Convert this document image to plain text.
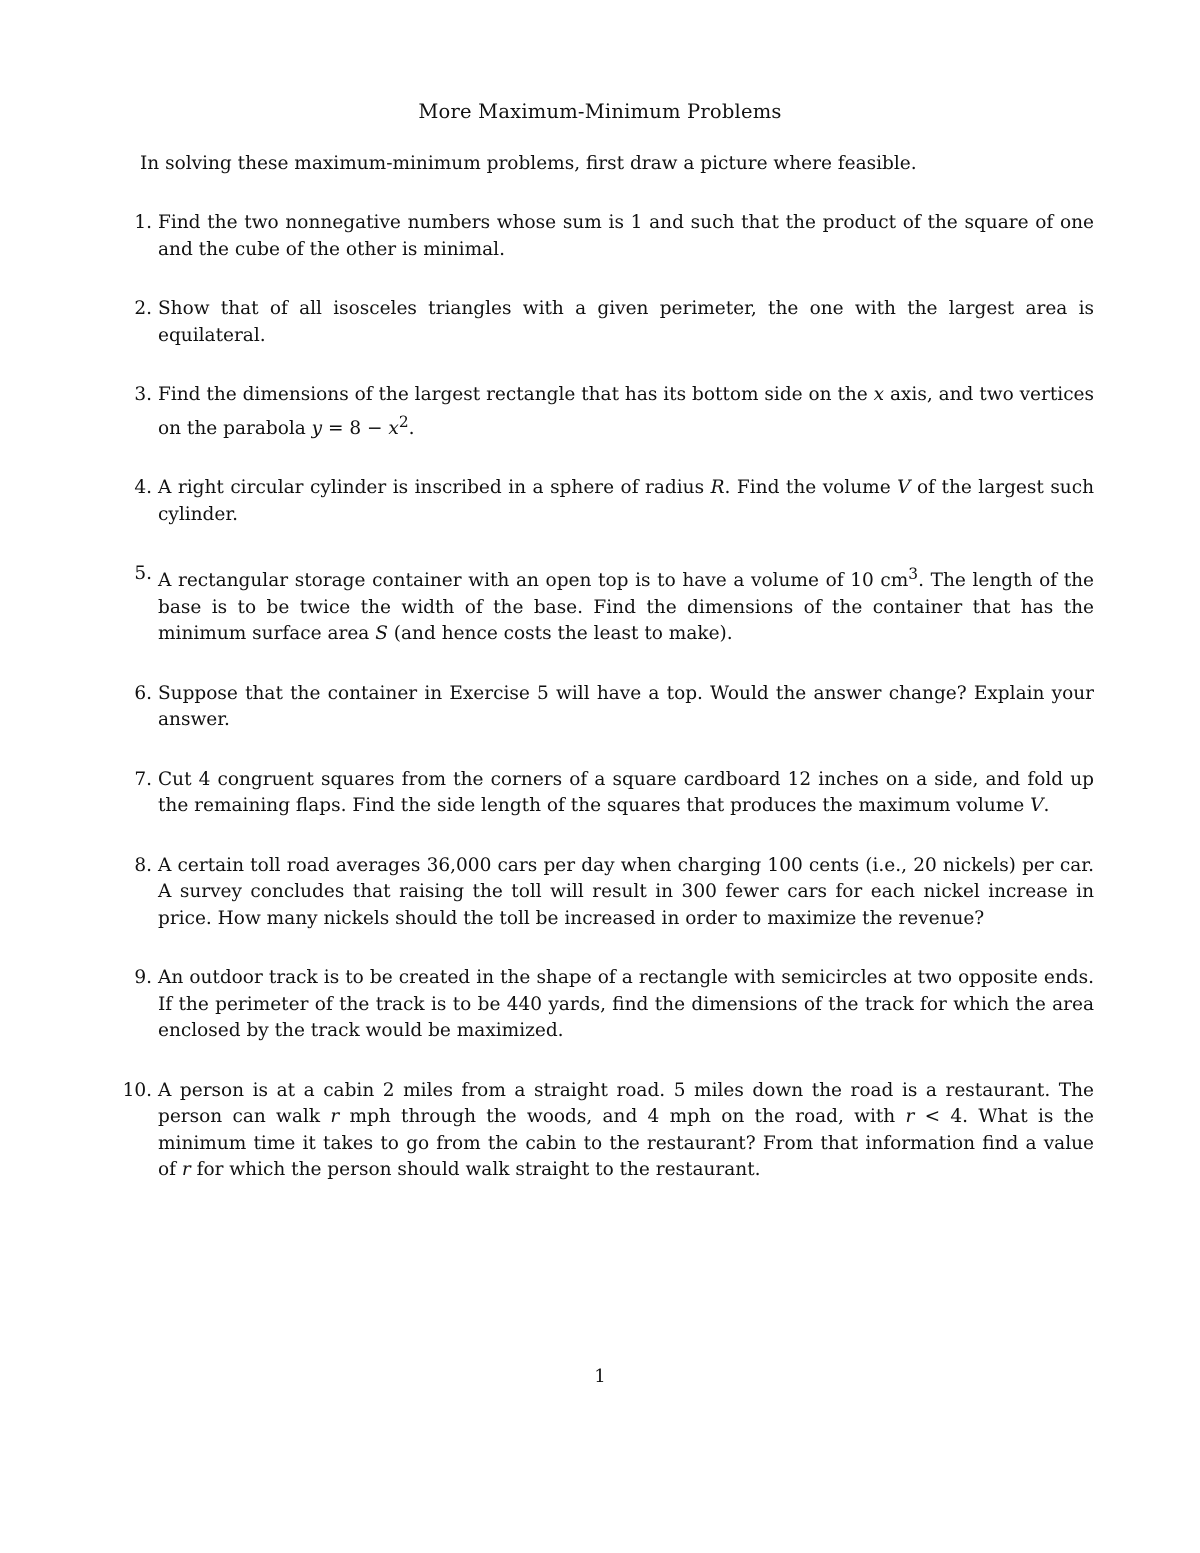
More Maximum-Minimum Problems
In solving these maximum-minimum problems, first draw a picture where feasible.
1. Find the two nonnegative numbers whose sum is 1 and such that the product of the square of one and the cube of the other is minimal.
2. Show that of all isosceles triangles with a given perimeter, the one with the largest area is equilateral.
3. Find the dimensions of the largest rectangle that has its bottom side on the x axis, and two vertices on the parabola $y = 8 - x^2$.
4. A right circular cylinder is inscribed in a sphere of radius R. Find the volume V of the largest such cylinder.
5. A rectangular storage container with an open top is to have a volume of 10 $cm^3$. The length of the base is to be twice the width of the base. Find the dimensions of the container that has the minimum surface area S (and hence costs the least to make).
6. Suppose that the container in Exercise 5 will have a top. Would the answer change? Explain your answer.
7. Cut 4 congruent squares from the corners of a square cardboard 12 inches on a side, and fold up the remaining flaps. Find the side length of the squares that produces the maximum volume V.
8. A certain toll road averages 36,000 cars per day when charging 100 cents (i.e., 20 nickels) per car. A survey concludes that raising the toll will result in 300 fewer cars for each nickel increase in price. How many nickels should the toll be increased in order to maximize the revenue?
9. An outdoor track is to be created in the shape of a rectangle with semicircles at two opposite ends. If the perimeter of the track is to be 440 yards, find the dimensions of the track for which the area enclosed by the track would be maximized.
10. A person is at a cabin 2 miles from a straight road. 5 miles down the road is a restaurant. The person can walk r mph through the woods, and 4 mph on the road, with r < 4. What is the minimum time it takes to go from the cabin to the restaurant? From that information find a value of r for which the person should walk straight to the restaurant.
1
